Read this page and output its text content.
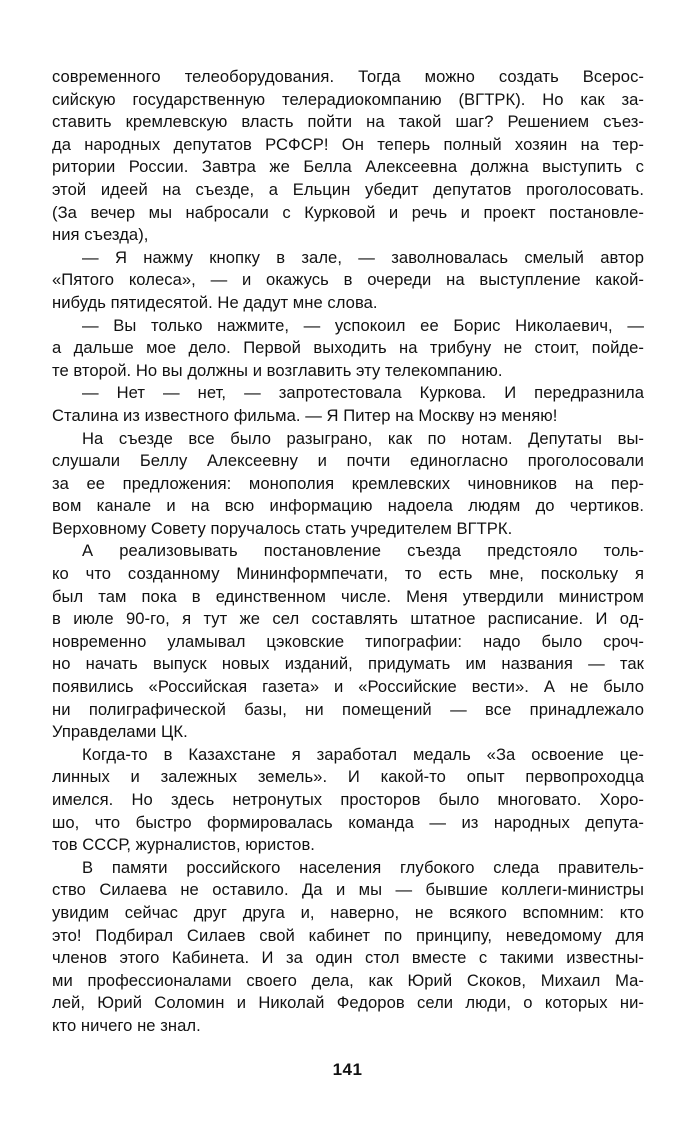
современного телеоборудования. Тогда можно создать Всерос-
сийскую государственную телерадиокомпанию (ВГТРК). Но как за-
ставить кремлевскую власть пойти на такой шаг? Решением съез-
да народных депутатов РСФСР! Он теперь полный хозяин на тер-
ритории России. Завтра же Белла Алексеевна должна выступить с
этой идеей на съезде, а Ельцин убедит депутатов проголосовать.
(За вечер мы набросали с Курковой и речь и проект постановле-
ния съезда),
— Я нажму кнопку в зале, — заволновалась смелый автор
«Пятого колеса», — и окажусь в очереди на выступление какой-
нибудь пятидесятой. Не дадут мне слова.
— Вы только нажмите, — успокоил ее Борис Николаевич, —
а дальше мое дело. Первой выходить на трибуну не стоит, пойде-
те второй. Но вы должны и возглавить эту телекомпанию.
— Нет — нет, — запротестовала Куркова. И передразнила
Сталина из известного фильма. — Я Питер на Москву нэ меняю!
На съезде все было разыграно, как по нотам. Депутаты вы-
слушали Беллу Алексеевну и почти единогласно проголосовали
за ее предложения: монополия кремлевских чиновников на пер-
вом канале и на всю информацию надоела людям до чертиков.
Верховному Совету поручалось стать учредителем ВГТРК.
А реализовывать постановление съезда предстояло толь-
ко что созданному Мининформпечати, то есть мне, поскольку я
был там пока в единственном числе. Меня утвердили министром
в июле 90-го, я тут же сел составлять штатное расписание. И од-
новременно уламывал цэковские типографии: надо было сроч-
но начать выпуск новых изданий, придумать им названия — так
появились «Российская газета» и «Российские вести». А не было
ни полиграфической базы, ни помещений — все принадлежало
Управделами ЦК.
Когда-то в Казахстане я заработал медаль «За освоение це-
линных и залежных земель». И какой-то опыт первопроходца
имелся. Но здесь нетронутых просторов было многовато. Хоро-
шо, что быстро формировалась команда — из народных депута-
тов СССР, журналистов, юристов.
В памяти российского населения глубокого следа правитель-
ство Силаева не оставило. Да и мы — бывшие коллеги-министры
увидим сейчас друг друга и, наверно, не всякого вспомним: кто
это! Подбирал Силаев свой кабинет по принципу, неведомому для
членов этого Кабинета. И за один стол вместе с такими известны-
ми профессионалами своего дела, как Юрий Скоков, Михаил Ма-
лей, Юрий Соломин и Николай Федоров сели люди, о которых ни-
кто ничего не знал.
141
